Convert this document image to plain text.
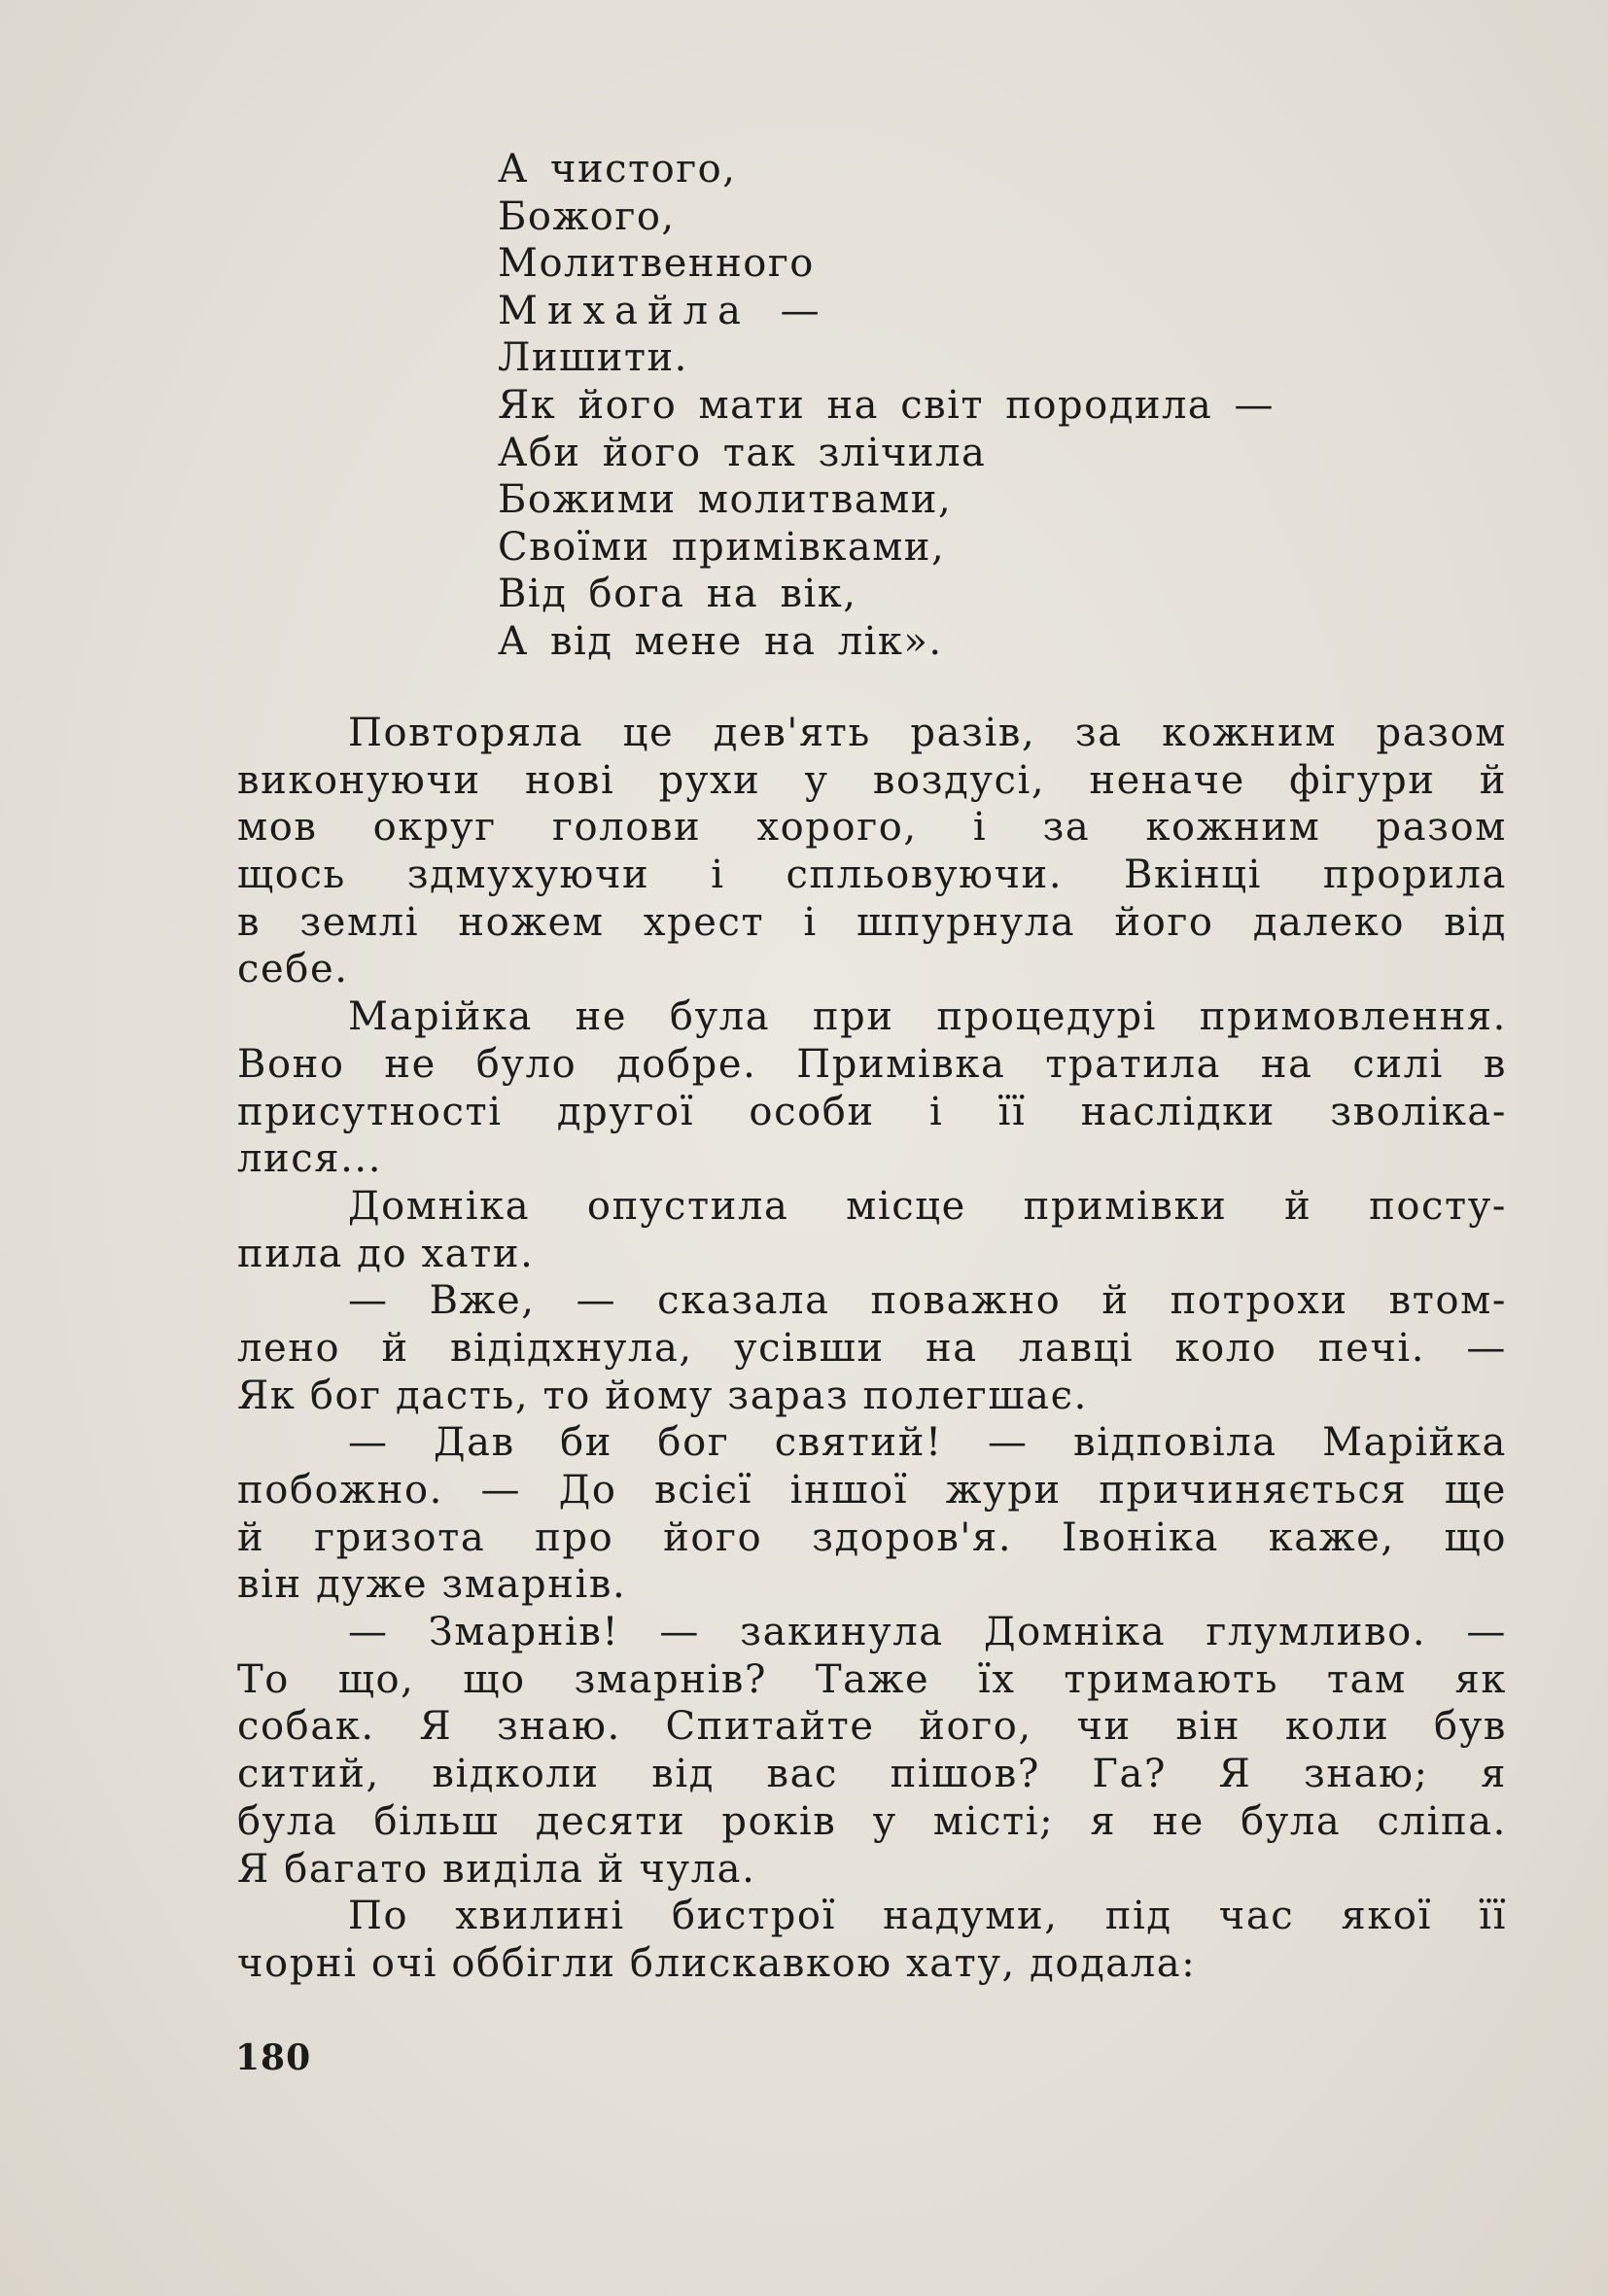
А чистого,
Божого,
Молитвенного
Михайла —
Лишити.
Як його мати на світ породила —
Аби його так злічила
Божими молитвами,
Своїми примівками,
Від бога на вік,
А від мене на лік».
Повторяла це дев'ять разів, за кожним разом
виконуючи нові рухи у воздусі, неначе фігури й
мов округ голови хорого, і за кожним разом
щось здмухуючи і спльовуючи. Вкінці прорила
в землі ножем хрест і шпурнула його далеко від
себе.
Марійка не була при процедурі примовлення.
Воно не було добре. Примівка тратила на силі в
присутності другої особи і її наслідки зволіка-
лися...
Домніка опустила місце примівки й посту-
пила до хати.
— Вже, — сказала поважно й потрохи втом-
лено й відідхнула, усівши на лавці коло печі. —
Як бог дасть, то йому зараз полегшає.
— Дав би бог святий! — відповіла Марійка
побожно. — До всієї іншої жури причиняється ще
й гризота про його здоров'я. Івоніка каже, що
він дуже змарнів.
— Змарнів! — закинула Домніка глумливо. —
То що, що змарнів? Таже їх тримають там як
собак. Я знаю. Спитайте його, чи він коли був
ситий, відколи від вас пішов? Га? Я знаю; я
була більш десяти років у місті; я не була сліпа.
Я багато виділа й чула.
По хвилині бистрої надуми, під час якої її
чорні очі оббігли блискавкою хату, додала:
180
